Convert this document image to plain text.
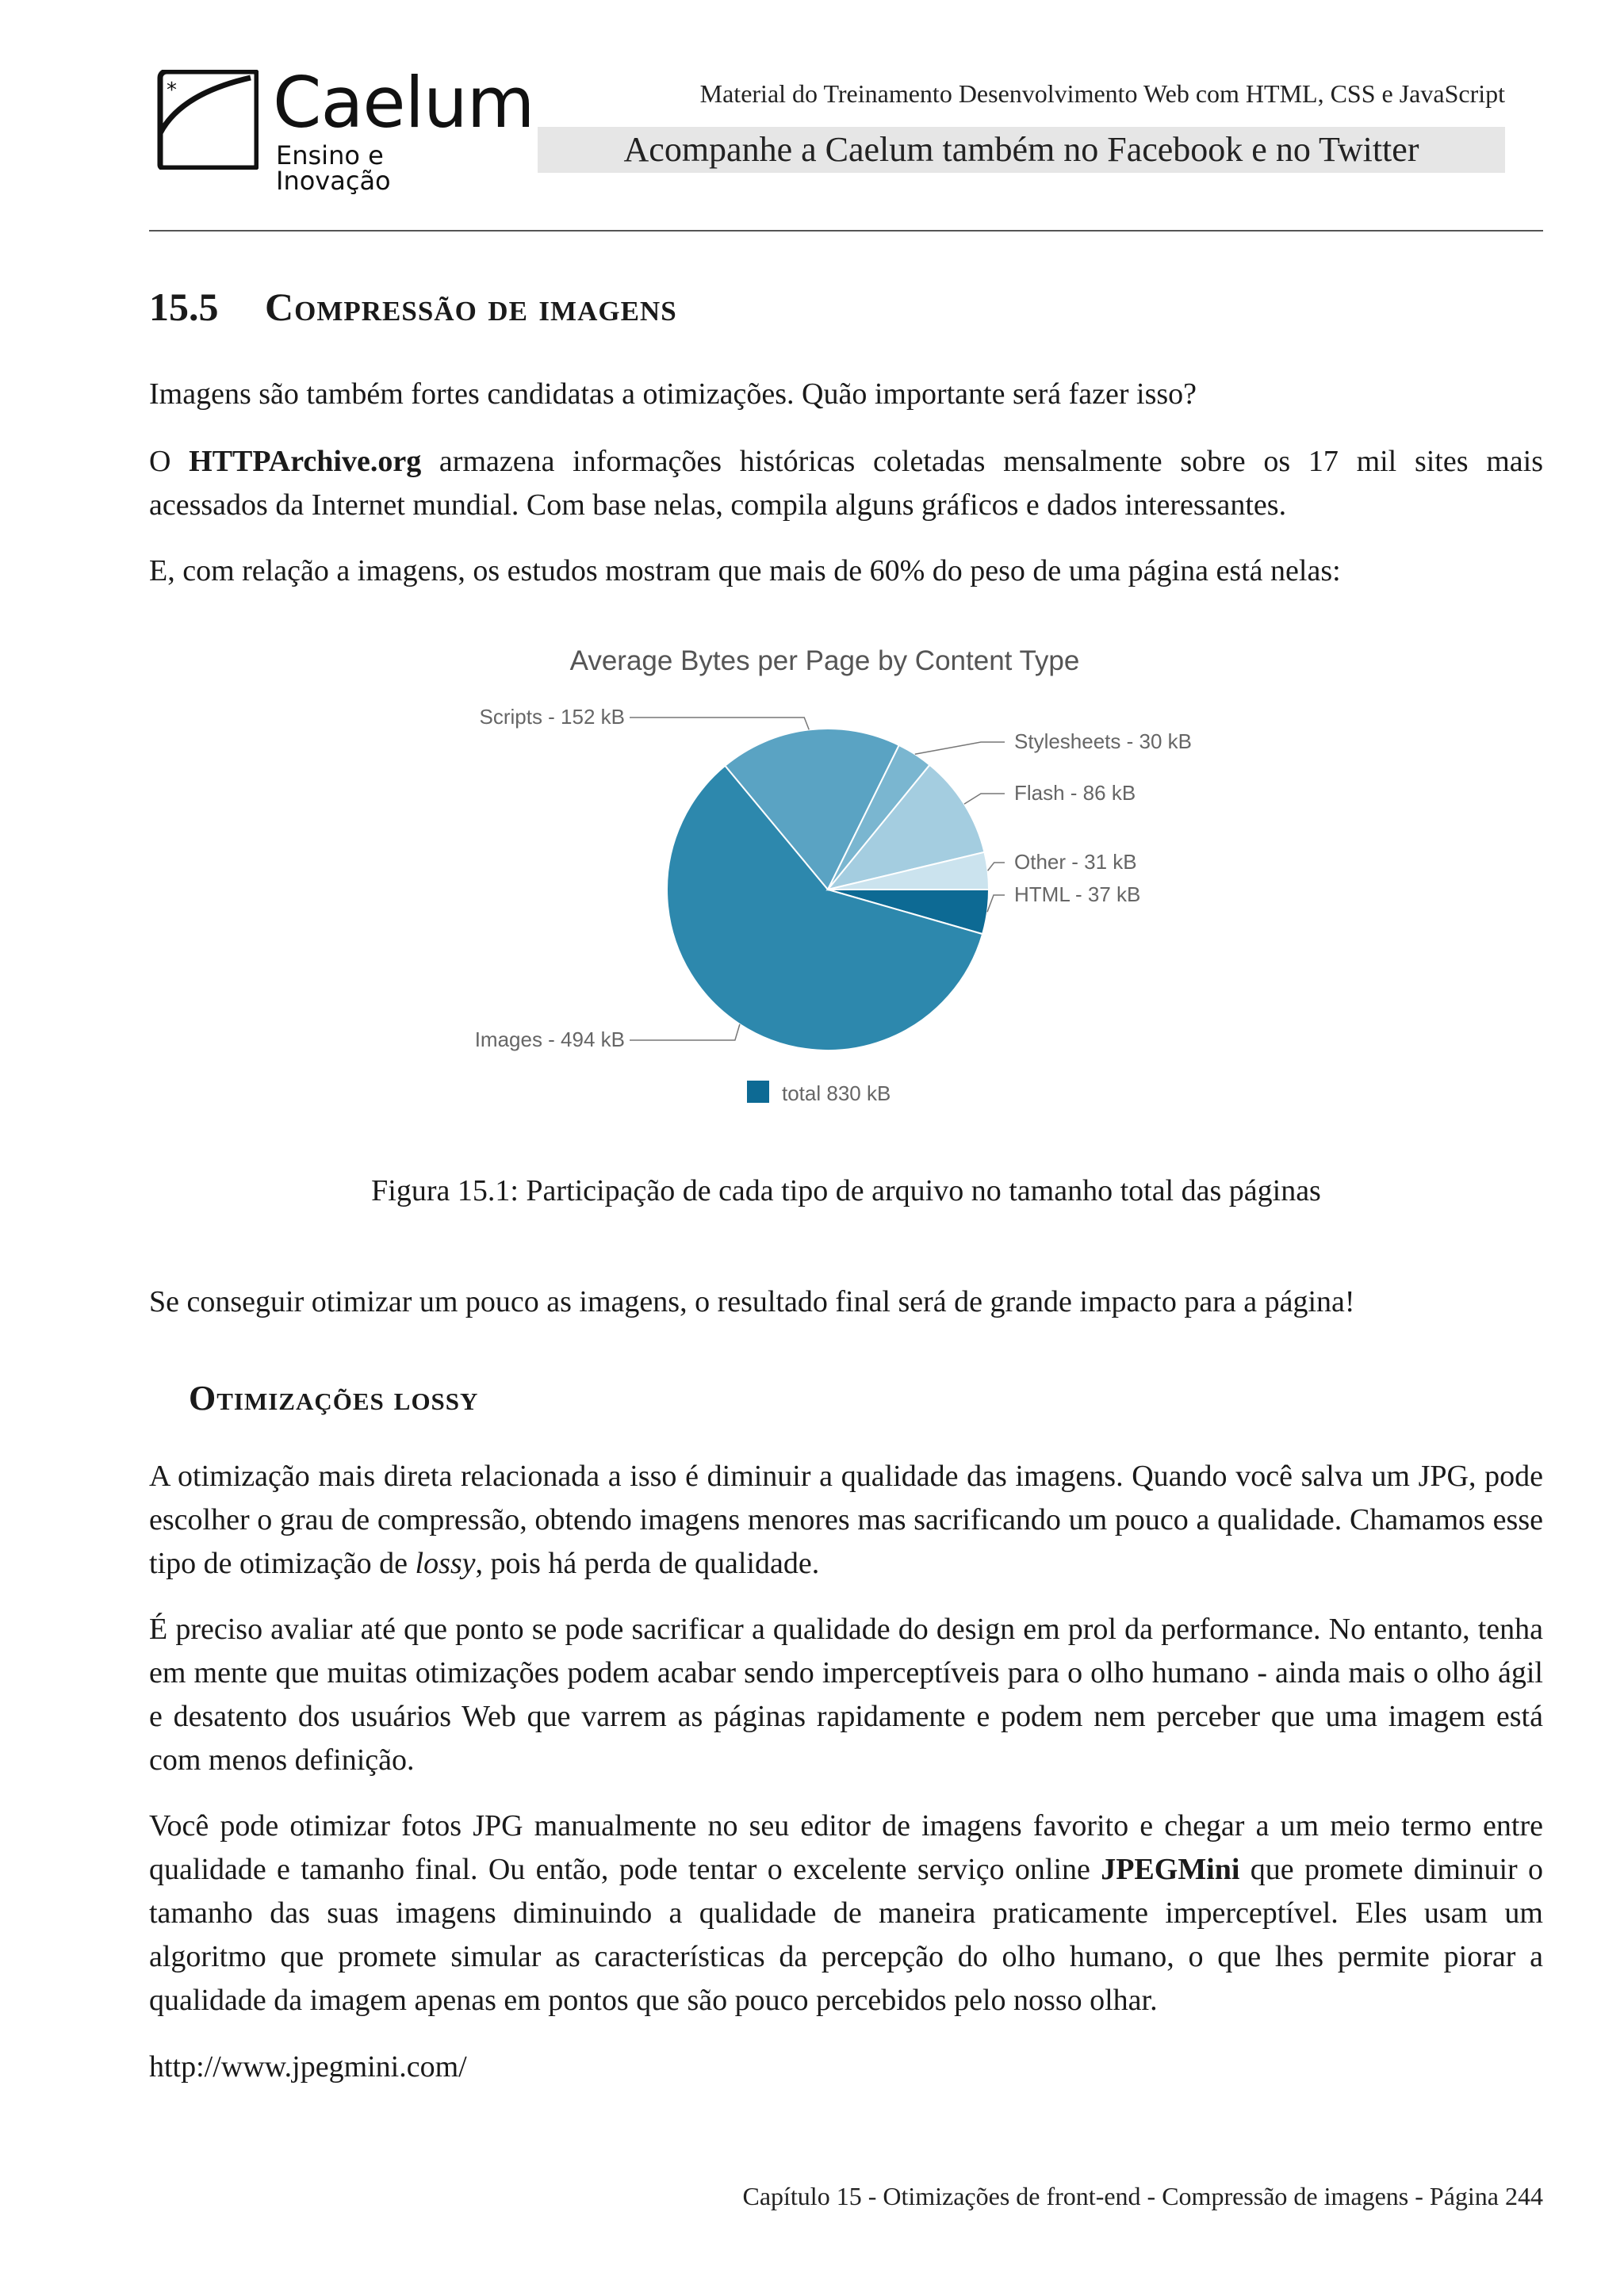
* Caelum
Ensino e Inovação
Material do Treinamento Desenvolvimento Web com HTML, CSS e JavaScript
Acompanhe a Caelum também no Facebook e no Twitter
15.5 Compressão de imagens
Imagens são também fortes candidatas a otimizações. Quão importante será fazer isso?
O HTTPArchive.org armazena informações históricas coletadas mensalmente sobre os 17 mil sites mais acessados da Internet mundial. Com base nelas, compila alguns gráficos e dados interessantes.
E, com relação a imagens, os estudos mostram que mais de 60% do peso de uma página está nelas:
Average Bytes per Page by Content Type
HTML - 37 kB
Images - 494 kB
Scripts - 152 kB
Stylesheets - 30 kB
Flash - 86 kB
Other - 31 kB
total 830 kB
Figura 15.1: Participação de cada tipo de arquivo no tamanho total das páginas
Se conseguir otimizar um pouco as imagens, o resultado final será de grande impacto para a página!
Otimizações lossy
A otimização mais direta relacionada a isso é diminuir a qualidade das imagens. Quando você salva um JPG, pode escolher o grau de compressão, obtendo imagens menores mas sacrificando um pouco a qualidade. Chamamos esse tipo de otimização de lossy, pois há perda de qualidade.
É preciso avaliar até que ponto se pode sacrificar a qualidade do design em prol da performance. No entanto, tenha em mente que muitas otimizações podem acabar sendo imperceptíveis para o olho humano - ainda mais o olho ágil e desatento dos usuários Web que varrem as páginas rapidamente e podem nem perceber que uma imagem está com menos definição.
Você pode otimizar fotos JPG manualmente no seu editor de imagens favorito e chegar a um meio termo entre qualidade e tamanho final. Ou então, pode tentar o excelente serviço online JPEGMini que promete diminuir o tamanho das suas imagens diminuindo a qualidade de maneira praticamente imperceptível. Eles usam um algoritmo que promete simular as características da percepção do olho humano, o que lhes permite piorar a qualidade da imagem apenas em pontos que são pouco percebidos pelo nosso olhar.
http://www.jpegmini.com/
Capítulo 15 - Otimizações de front-end - Compressão de imagens - Página 244
